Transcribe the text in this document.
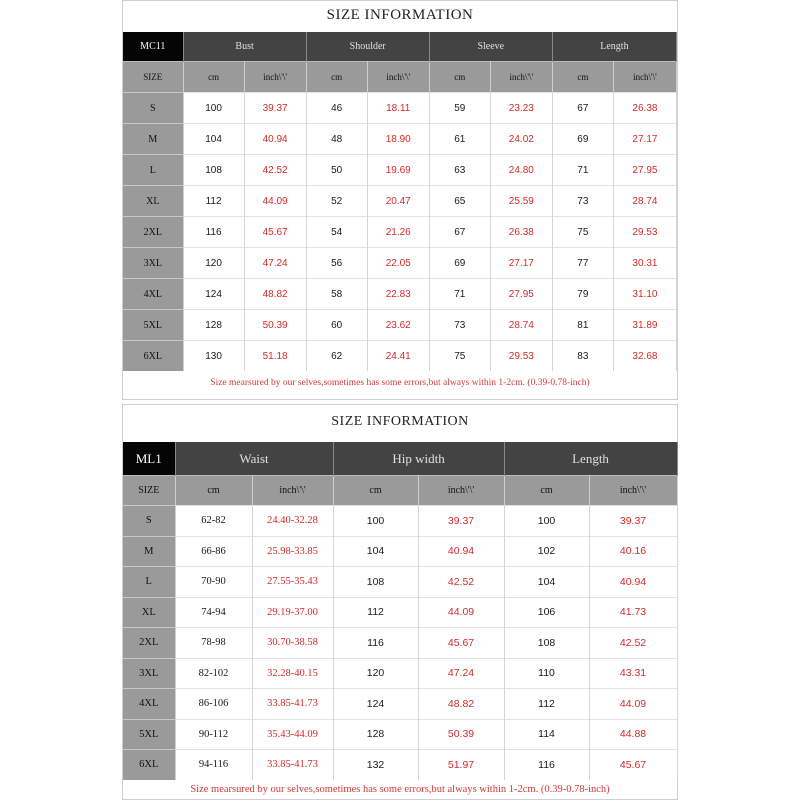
SIZE INFORMATION
MC11	Bust		Shoulder		Sleeve		Length	
SIZE	cm	inch\'\'	cm	inch\'\'	cm	inch\'\'	cm	inch\'\'
S	100	39.37	46	18.11	59	23.23	67	26.38
M	104	40.94	48	18.90	61	24.02	69	27.17
L	108	42.52	50	19.69	63	24.80	71	27.95
XL	112	44.09	52	20.47	65	25.59	73	28.74
2XL	116	45.67	54	21.26	67	26.38	75	29.53
3XL	120	47.24	56	22.05	69	27.17	77	30.31
4XL	124	48.82	58	22.83	71	27.95	79	31.10
5XL	128	50.39	60	23.62	73	28.74	81	31.89
6XL	130	51.18	62	24.41	75	29.53	83	32.68
Size mearsured by our selves,sometimes has some errors,but always within 1-2cm. (0.39-0.78-inch)
SIZE INFORMATION
ML1	Waist		Hip width		Length	
SIZE	cm	inch\'\'	cm	inch\'\'	cm	inch\'\'
S	62-82	24.40-32.28	100	39.37	100	39.37
M	66-86	25.98-33.85	104	40.94	102	40.16
L	70-90	27.55-35.43	108	42.52	104	40.94
XL	74-94	29.19-37.00	112	44.09	106	41.73
2XL	78-98	30.70-38.58	116	45.67	108	42.52
3XL	82-102	32.28-40.15	120	47.24	110	43.31
4XL	86-106	33.85-41.73	124	48.82	112	44.09
5XL	90-112	35.43-44.09	128	50.39	114	44.88
6XL	94-116	33.85-41.73	132	51.97	116	45.67
Size mearsured by our selves,sometimes has some errors,but always within 1-2cm. (0.39-0.78-inch)
